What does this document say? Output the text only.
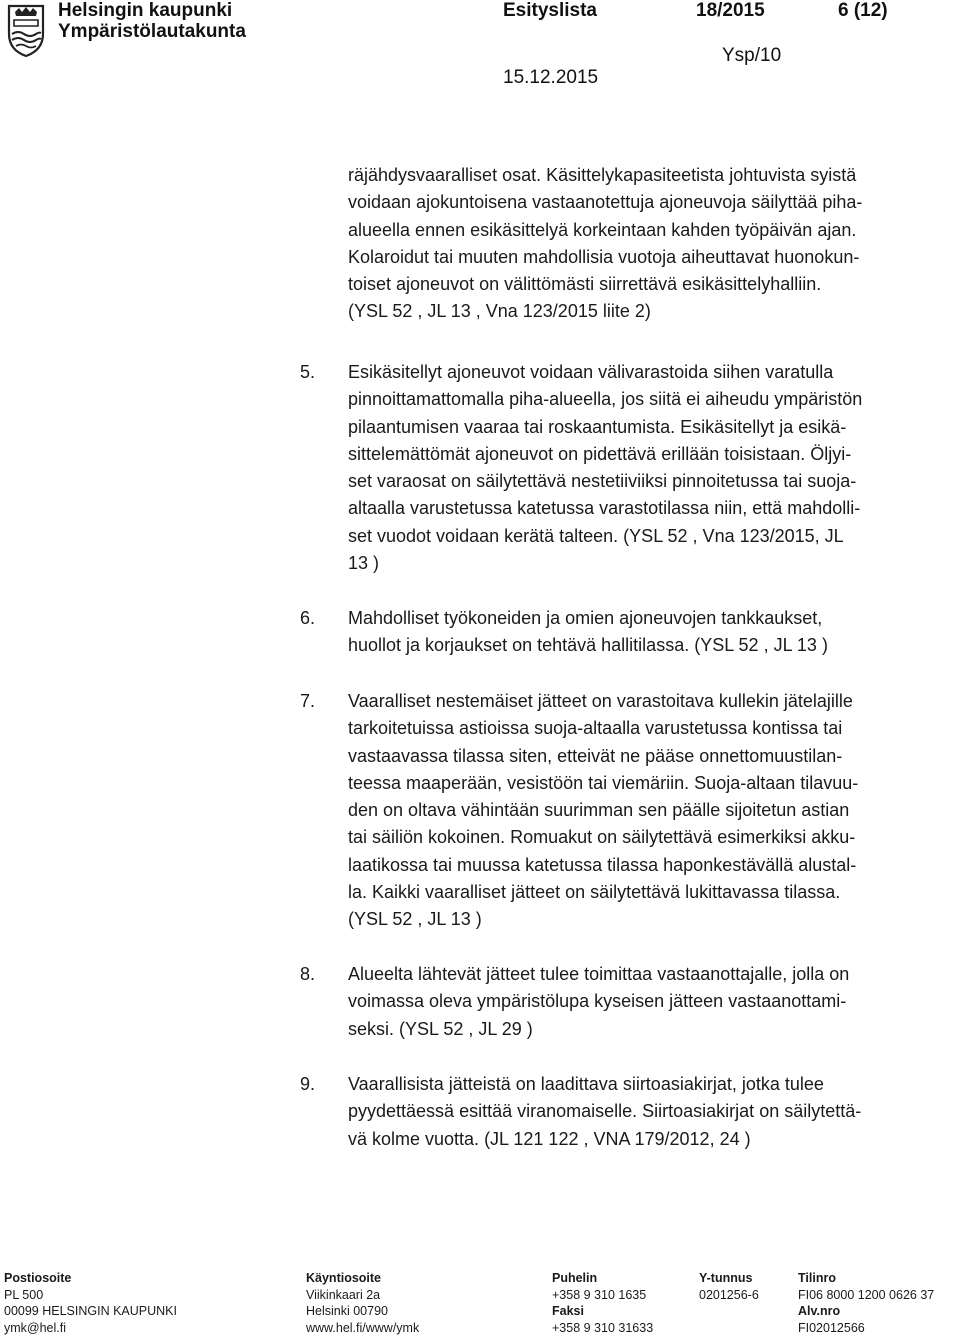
Helsingin kaupunki
Ympäristölautakunta
Esityslista	18/2015	6 (12)
Ysp/10
15.12.2015
räjähdysvaaralliset osat. Käsittelykapasiteetista johtuvista syistä
voidaan ajokuntoisena vastaanotettuja ajoneuvoja säilyttää piha-
alueella ennen esikäsittelyä korkeintaan kahden työpäivän ajan.
Kolaroidut tai muuten mahdollisia vuotoja aiheuttavat huonokun-
toiset ajoneuvot on välittömästi siirrettävä esikäsittelyhalliin.
(YSL 52 , JL 13 , Vna 123/2015 liite 2)
5. Esikäsitellyt ajoneuvot voidaan välivarastoida siihen varatulla
pinnoittamattomalla piha-alueella, jos siitä ei aiheudu ympäristön
pilaantumisen vaaraa tai roskaantumista. Esikäsitellyt ja esikä-
sittelemättömät ajoneuvot on pidettävä erillään toisistaan. Öljyi-
set varaosat on säilytettävä nestetiiviiksi pinnoitetussa tai suoja-
altaalla varustetussa katetussa varastotilassa niin, että mahdolli-
set vuodot voidaan kerätä talteen. (YSL 52 , Vna 123/2015, JL
13 )
6. Mahdolliset työkoneiden ja omien ajoneuvojen tankkaukset,
huollot ja korjaukset on tehtävä hallitilassa. (YSL 52 , JL 13 )
7. Vaaralliset nestemäiset jätteet on varastoitava kullekin jätelajille
tarkoitetuissa astioissa suoja-altaalla varustetussa kontissa tai
vastaavassa tilassa siten, etteivät ne pääse onnettomuustilan-
teessa maaperään, vesistöön tai viemäriin. Suoja-altaan tilavuu-
den on oltava vähintään suurimman sen päälle sijoitetun astian
tai säiliön kokoinen. Romuakut on säilytettävä esimerkiksi akku-
laatikossa tai muussa katetussa tilassa haponkestävällä alustal-
la. Kaikki vaaralliset jätteet on säilytettävä lukittavassa tilassa.
(YSL 52 , JL 13 )
8. Alueelta lähtevät jätteet tulee toimittaa vastaanottajalle, jolla on
voimassa oleva ympäristölupa kyseisen jätteen vastaanottami-
seksi. (YSL 52 , JL 29 )
9. Vaarallisista jätteistä on laadittava siirtoasiakirjat, jotka tulee
pyydettäessä esittää viranomaiselle. Siirtoasiakirjat on säilytettä-
vä kolme vuotta. (JL 121 122 , VNA 179/2012, 24 )
Postiosoite
PL 500
00099 HELSINGIN KAUPUNKI
ymk@hel.fi
Käyntiosoite
Viikinkaari 2a
Helsinki 00790
www.hel.fi/www/ymk
Puhelin
+358 9 310 1635
Faksi
+358 9 310 31633
Y-tunnus
0201256-6
Tilinro
FI06 8000 1200 0626 37
Alv.nro
FI02012566
